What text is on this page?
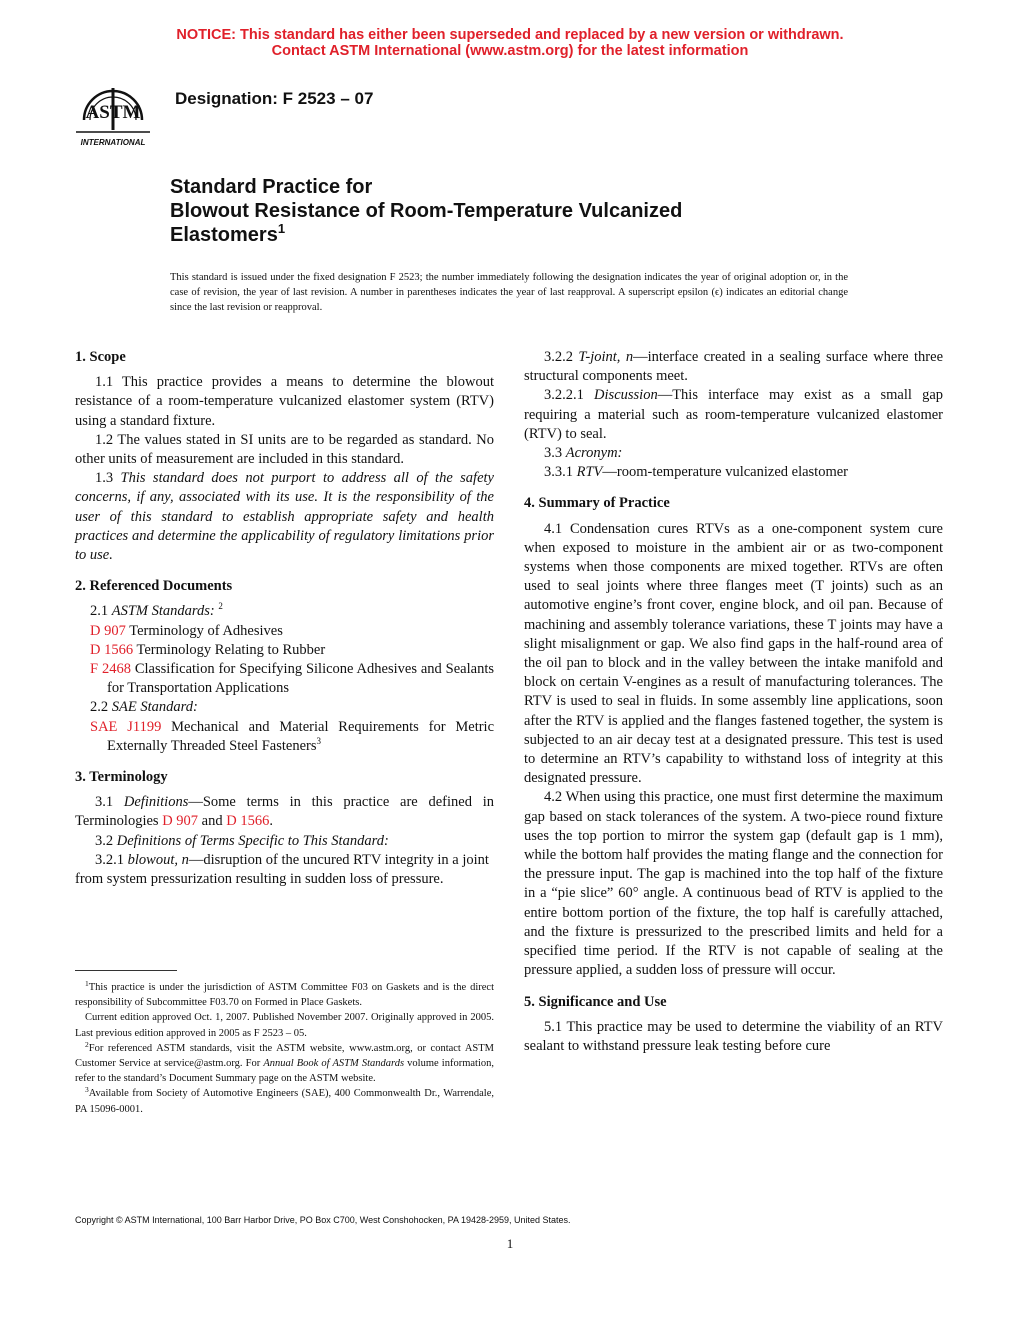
NOTICE: This standard has either been superseded and replaced by a new version or withdrawn.
Contact ASTM International (www.astm.org) for the latest information
ASTM
INTERNATIONAL
Designation: F 2523 – 07
Standard Practice for
Blowout Resistance of Room-Temperature Vulcanized
Elastomers$^1$
This standard is issued under the fixed designation F 2523; the number immediately following the designation indicates the year of original adoption or, in the case of revision, the year of last revision. A number in parentheses indicates the year of last reapproval. A superscript epsilon (ϵ) indicates an editorial change since the last revision or reapproval.

1. Scope

1.1 This practice provides a means to determine the blowout resistance of a room-temperature vulcanized elastomer system (RTV) using a standard fixture.

1.2 The values stated in SI units are to be regarded as standard. No other units of measurement are included in this standard.

1.3 This standard does not purport to address all of the safety concerns, if any, associated with its use. It is the responsibility of the user of this standard to establish appropriate safety and health practices and determine the applicability of regulatory limitations prior to use.

2. Referenced Documents

2.1 ASTM Standards: $^2$

D 907 Terminology of Adhesives

D 1566 Terminology Relating to Rubber

F 2468 Classification for Specifying Silicone Adhesives and Sealants for Transportation Applications

2.2 SAE Standard:

SAE J1199 Mechanical and Material Requirements for Metric Externally Threaded Steel Fasteners$^3$

3. Terminology

3.1 Definitions—Some terms in this practice are defined in Terminologies D 907 and D 1566.

3.2 Definitions of Terms Specific to This Standard:

3.2.1 blowout, n—disruption of the uncured RTV integrity in a joint from system pressurization resulting in sudden loss of pressure.

$^1$This practice is under the jurisdiction of ASTM Committee F03 on Gaskets and is the direct responsibility of Subcommittee F03.70 on Formed in Place Gaskets.

Current edition approved Oct. 1, 2007. Published November 2007. Originally approved in 2005. Last previous edition approved in 2005 as F 2523 – 05.

$^2$For referenced ASTM standards, visit the ASTM website, www.astm.org, or contact ASTM Customer Service at service@astm.org. For Annual Book of ASTM Standards volume information, refer to the standard’s Document Summary page on the ASTM website.

$^3$Available from Society of Automotive Engineers (SAE), 400 Commonwealth Dr., Warrendale, PA 15096-0001.

3.2.2 T-joint, n—interface created in a sealing surface where three structural components meet.

3.2.2.1 Discussion—This interface may exist as a small gap requiring a material such as room-temperature vulcanized elastomer (RTV) to seal.

3.3 Acronym:

3.3.1 RTV—room-temperature vulcanized elastomer

4. Summary of Practice

4.1 Condensation cures RTVs as a one-component system cure when exposed to moisture in the ambient air or as two-component systems when those components are mixed together. RTVs are often used to seal joints where three flanges meet (T joints) such as an automotive engine’s front cover, engine block, and oil pan. Because of machining and assembly tolerance variations, these T joints may have a slight misalignment or gap. We also find gaps in the half-round area of the oil pan to block and in the valley between the intake manifold and block on certain V-engines as a result of manufacturing tolerances. The RTV is used to seal in fluids. In some assembly line applications, soon after the RTV is applied and the flanges fastened together, the system is subjected to an air decay test at a designated pressure. This test is used to determine an RTV’s capability to withstand loss of integrity at this designated pressure.

4.2 When using this practice, one must first determine the maximum gap based on stack tolerances of the system. A two-piece round fixture uses the top portion to mirror the system gap (default gap is 1 mm), while the bottom half provides the mating flange and the connection for the pressure input. The gap is machined into the top half of the fixture in a “pie slice” 60° angle. A continuous bead of RTV is applied to the entire bottom portion of the fixture, the top half is carefully attached, and the fixture is pressurized to the prescribed limits and held for a specified time period. If the RTV is not capable of sealing at the pressure applied, a sudden loss of pressure will occur.

5. Significance and Use

5.1 This practice may be used to determine the viability of an RTV sealant to withstand pressure leak testing before cure

Copyright © ASTM International, 100 Barr Harbor Drive, PO Box C700, West Conshohocken, PA 19428-2959, United States.
1
